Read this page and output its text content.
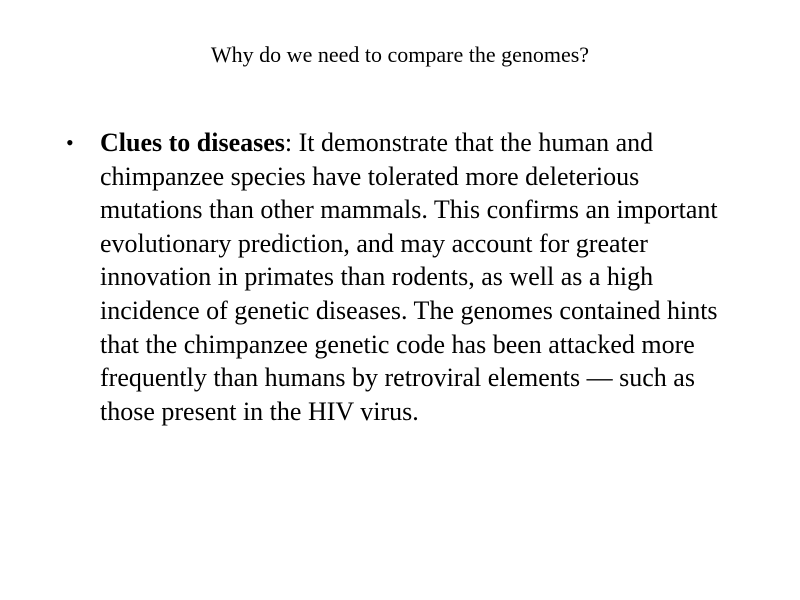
Why do we need to compare the genomes?
• Clues to diseases: It demonstrate that the human and chimpanzee species have tolerated more deleterious mutations than other mammals. This confirms an important evolutionary prediction, and may account for greater innovation in primates than rodents, as well as a high incidence of genetic diseases. The genomes contained hints that the chimpanzee genetic code has been attacked more frequently than humans by retroviral elements — such as those present in the HIV virus.
